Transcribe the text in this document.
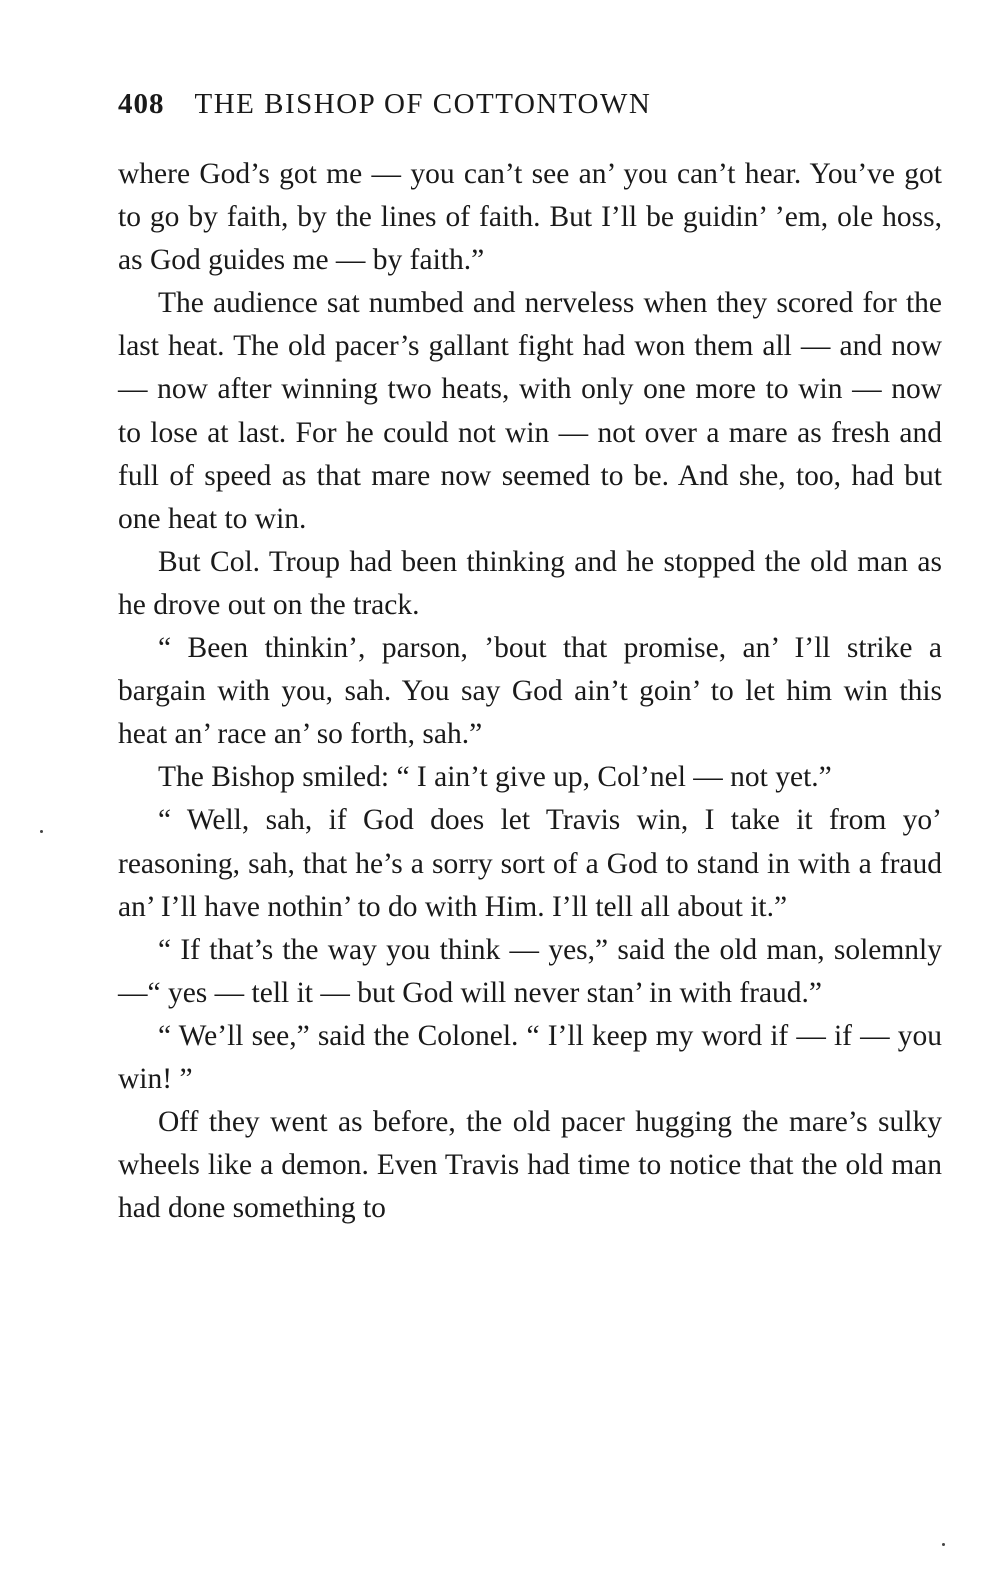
408 THE BISHOP OF COTTONTOWN

where God’s got me — you can’t see an’ you can’t hear. You’ve got to go by faith, by the lines of faith. But I’ll be guidin’ ’em, ole hoss, as God guides me — by faith.”

The audience sat numbed and nerveless when they scored for the last heat. The old pacer’s gallant fight had won them all — and now — now after winning two heats, with only one more to win — now to lose at last. For he could not win — not over a mare as fresh and full of speed as that mare now seemed to be. And she, too, had but one heat to win.

But Col. Troup had been thinking and he stopped the old man as he drove out on the track.

“ Been thinkin’, parson, ’bout that promise, an’ I’ll strike a bargain with you, sah. You say God ain’t goin’ to let him win this heat an’ race an’ so forth, sah.”

The Bishop smiled: “ I ain’t give up, Col’nel — not yet.”

“ Well, sah, if God does let Travis win, I take it from yo’ reasoning, sah, that he’s a sorry sort of a God to stand in with a fraud an’ I’ll have nothin’ to do with Him. I’ll tell all about it.”

“ If that’s the way you think — yes,” said the old man, solemnly —“ yes — tell it — but God will never stan’ in with fraud.”

“ We’ll see,” said the Colonel. “ I’ll keep my word if — if — you win! ”

Off they went as before, the old pacer hugging the mare’s sulky wheels like a demon. Even Travis had time to notice that the old man had done something to
